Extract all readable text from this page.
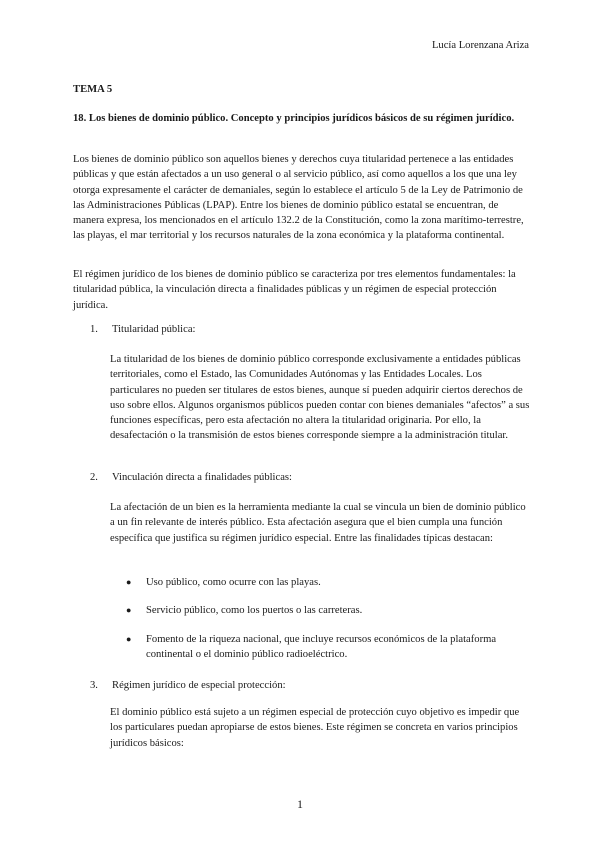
Lucía Lorenzana Ariza
TEMA 5
18. Los bienes de dominio público. Concepto y principios jurídicos básicos de su régimen jurídico.

Los bienes de dominio público son aquellos bienes y derechos cuya titularidad pertenece a las entidades públicas y que están afectados a un uso general o al servicio público, así como aquellos a los que una ley otorga expresamente el carácter de demaniales, según lo establece el artículo 5 de la Ley de Patrimonio de las Administraciones Públicas (LPAP). Entre los bienes de dominio público estatal se encuentran, de manera expresa, los mencionados en el artículo 132.2 de la Constitución, como la zona marítimo-terrestre, las playas, el mar territorial y los recursos naturales de la zona económica y la plataforma continental.

El régimen jurídico de los bienes de dominio público se caracteriza por tres elementos fundamentales: la titularidad pública, la vinculación directa a finalidades públicas y un régimen de especial protección jurídica.

1. Titularidad pública:

La titularidad de los bienes de dominio público corresponde exclusivamente a entidades públicas territoriales, como el Estado, las Comunidades Autónomas y las Entidades Locales. Los particulares no pueden ser titulares de estos bienes, aunque sí pueden adquirir ciertos derechos de uso sobre ellos. Algunos organismos públicos pueden contar con bienes demaniales “afectos” a sus funciones específicas, pero esta afectación no altera la titularidad originaria. Por ello, la desafectación o la transmisión de estos bienes corresponde siempre a la administración titular.

2. Vinculación directa a finalidades públicas:

La afectación de un bien es la herramienta mediante la cual se vincula un bien de dominio público a un fin relevante de interés público. Esta afectación asegura que el bien cumpla una función específica que justifica su régimen jurídico especial. Entre las finalidades típicas destacan:

● Uso público, como ocurre con las playas.
● Servicio público, como los puertos o las carreteras.
● Fomento de la riqueza nacional, que incluye recursos económicos de la plataforma continental o el dominio público radioeléctrico.
3. Régimen jurídico de especial protección:

El dominio público está sujeto a un régimen especial de protección cuyo objetivo es impedir que los particulares puedan apropiarse de estos bienes. Este régimen se concreta en varios principios jurídicos básicos:

1
